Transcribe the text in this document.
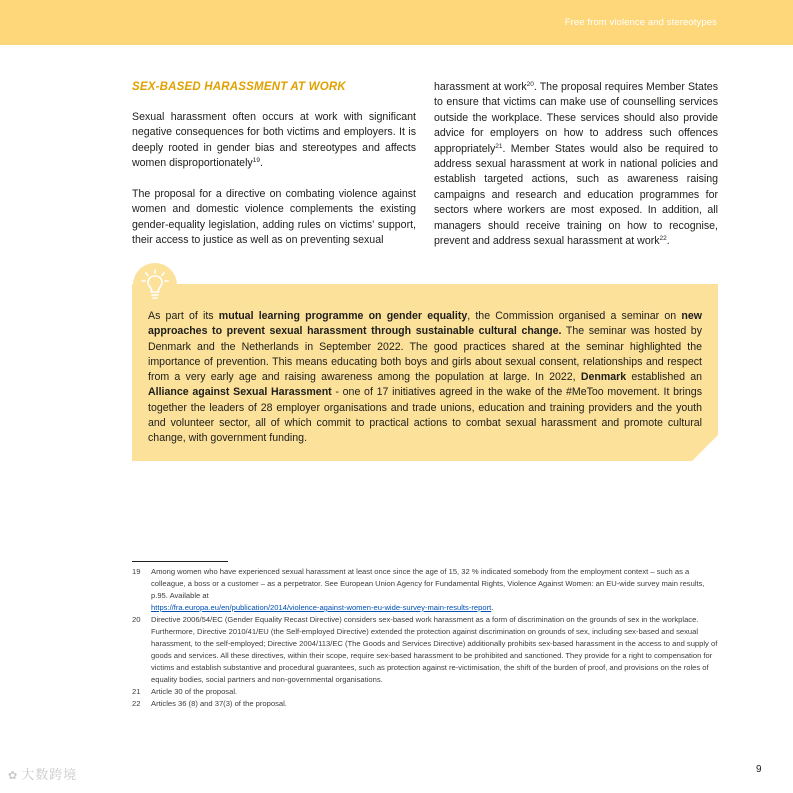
Free from violence and stereotypes
SEX-BASED HARASSMENT AT WORK

Sexual harassment often occurs at work with significant negative consequences for both victims and employers. It is deeply rooted in gender bias and stereotypes and affects women disproportionately$^{19}$.

The proposal for a directive on combating violence against women and domestic violence complements the existing gender-equality legislation, adding rules on victims’ support, their access to justice as well as on preventing sexual

harassment at work$^{20}$. The proposal requires Member States to ensure that victims can make use of counselling services outside the workplace. These services should also provide advice for employers on how to address such offences appropriately$^{21}$. Member States would also be required to address sexual harassment at work in national policies and establish targeted actions, such as awareness raising campaigns and research and education programmes for sectors where workers are most exposed. In addition, all managers should receive training on how to recognise, prevent and address sexual harassment at work$^{22}$.

As part of its mutual learning programme on gender equality, the Commission organised a seminar on new approaches to prevent sexual harassment through sustainable cultural change. The seminar was hosted by Denmark and the Netherlands in September 2022. The good practices shared at the seminar highlighted the importance of prevention. This means educating both boys and girls about sexual consent, relationships and respect from a very early age and raising awareness among the population at large. In 2022, Denmark established an Alliance against Sexual Harassment - one of 17 initiatives agreed in the wake of the #MeToo movement. It brings together the leaders of 28 employer organisations and trade unions, education and training providers and the youth and volunteer sector, all of which commit to practical actions to combat sexual harassment and promote cultural change, with government funding.
19	Among women who have experienced sexual harassment at least once since the age of 15, 32 % indicated somebody from the employment context – such as a colleague, a boss or a customer – as a perpetrator. See European Union Agency for Fundamental Rights, Violence Against Women: an EU-wide survey main results, p.95. Available at
https://fra.europa.eu/en/publication/2014/violence-against-women-eu-wide-survey-main-results-report.
20	Directive 2006/54/EC (Gender Equality Recast Directive) considers sex-based work harassment as a form of discrimination on the grounds of sex in the workplace. Furthermore, Directive 2010/41/EU (the Self-employed Directive) extended the protection against discrimination on grounds of sex, including sex-based and sexual harassment, to the self-employed; Directive 2004/113/EC (The Goods and Services Directive) additionally prohibits sex-based harassment in the access to and supply of goods and services. All these directives, within their scope, require sex-based harassment to be prohibited and sanctioned. They provide for a right to compensation for victims and establish substantive and procedural guarantees, such as protection against re-victimisation, the shift of the burden of proof, and provisions on the roles of equality bodies, social partners and non-governmental organisations.
21	Article 30 of the proposal.
22	Articles 36 (8) and 37(3) of the proposal.
9
✿ 大数跨境
